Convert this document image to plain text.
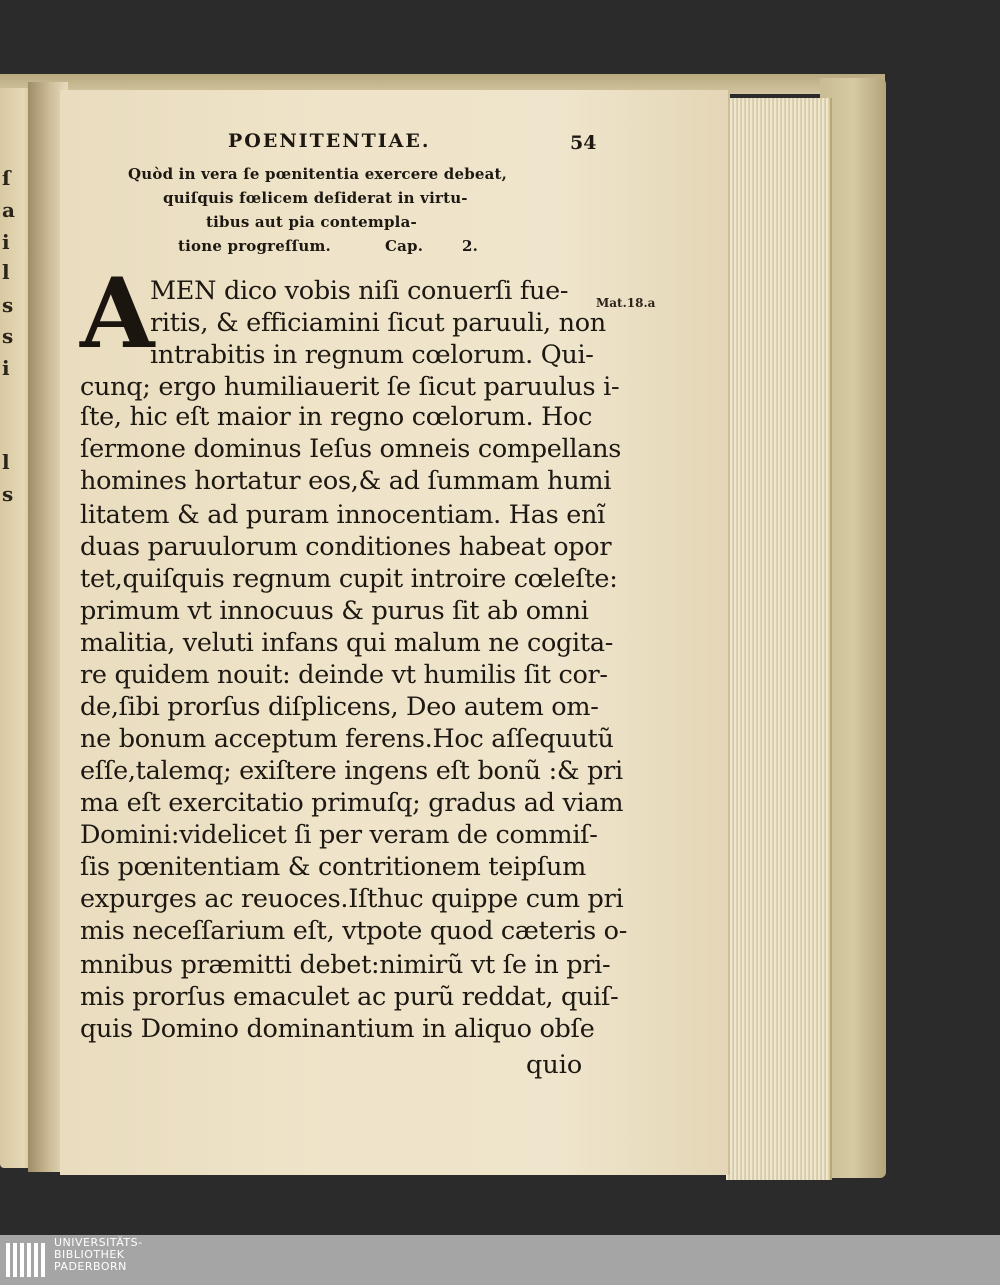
ſ
a
i
l
s
s
i
l
s
POENITENTIAE.	54
Quòd in vera ſe pœnitentia exercere debeat,
quiſquis fœlicem deſiderat in virtu-
tibus aut pia contempla-
tione progreſſum.	Cap.	2.
A	Mat.18.a
MEN dico vobis niſi conuerſi fue-
ritis, & efficiamini ſicut paruuli, non
intrabitis in regnum cœlorum. Qui-
cunq; ergo humiliauerit ſe ſicut paruulus i-
ſte, hic eſt maior in regno cœlorum. Hoc
ſermone dominus Ieſus omneis compellans
homines hortatur eos,& ad ſummam humi
litatem & ad puram innocentiam. Has enĩ
duas paruulorum conditiones habeat opor
tet,quiſquis regnum cupit introire cœleſte:
primum vt innocuus & purus ſit ab omni
malitia, veluti infans qui malum ne cogita-
re quidem nouit: deinde vt humilis ſit cor-
de,ſibi prorſus diſplicens, Deo autem om-
ne bonum acceptum ferens.Hoc aſſequutũ
eſſe,talemq; exiſtere ingens eſt bonũ :& pri
ma eſt exercitatio primuſq; gradus ad viam
Domini:videlicet ſi per veram de commiſ-
ſis pœnitentiam & contritionem teipſum
expurges ac reuoces.Iſthuc quippe cum pri
mis neceſſarium eſt, vtpote quod cæteris o-
mnibus præmitti debet:nimirũ vt ſe in pri-
mis prorſus emaculet ac purũ reddat, quiſ-
quis Domino dominantium in aliquo obſe
quio
UNIVERSITÄTS-
BIBLIOTHEK
PADERBORN
